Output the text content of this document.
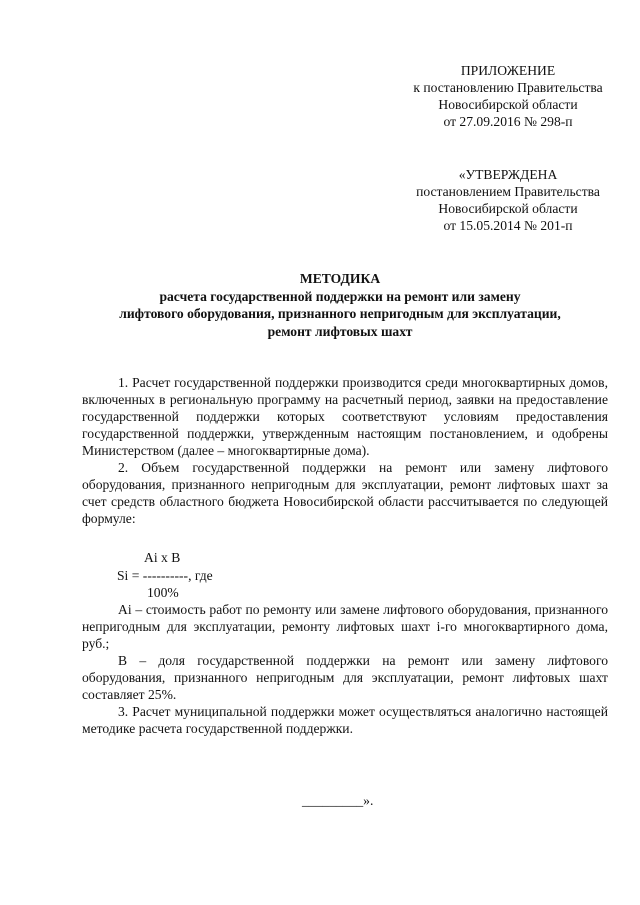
ПРИЛОЖЕНИЕ
к постановлению Правительства
Новосибирской области
от 27.09.2016 № 298-п
«УТВЕРЖДЕНА
постановлением Правительства
Новосибирской области
от 15.05.2014 № 201-п
МЕТОДИКА
расчета государственной поддержки на ремонт или замену
лифтового оборудования, признанного непригодным для эксплуатации,
ремонт лифтовых шахт

1. Расчет государственной поддержки производится среди многоквартирных домов, включенных в региональную программу на расчетный период, заявки на предоставление государственной поддержки которых соответствуют условиям предоставления государственной поддержки, утвержденным настоящим постановлением, и одобрены Министерством (далее – многоквартирные дома).

2. Объем государственной поддержки на ремонт или замену лифтового оборудования, признанного непригодным для эксплуатации, ремонт лифтовых шахт за счет средств областного бюджета Новосибирской области рассчитывается по следующей формуле:

Ai x B
Si = ----------, где
100%

Ai – стоимость работ по ремонту или замене лифтового оборудования, признанного непригодным для эксплуатации, ремонту лифтовых шахт i-го многоквартирного дома, руб.;

В – доля государственной поддержки на ремонт или замену лифтового оборудования, признанного непригодным для эксплуатации, ремонт лифтовых шахт составляет 25%.

3. Расчет муниципальной поддержки может осуществляться аналогично настоящей методике расчета государственной поддержки.

_________».
